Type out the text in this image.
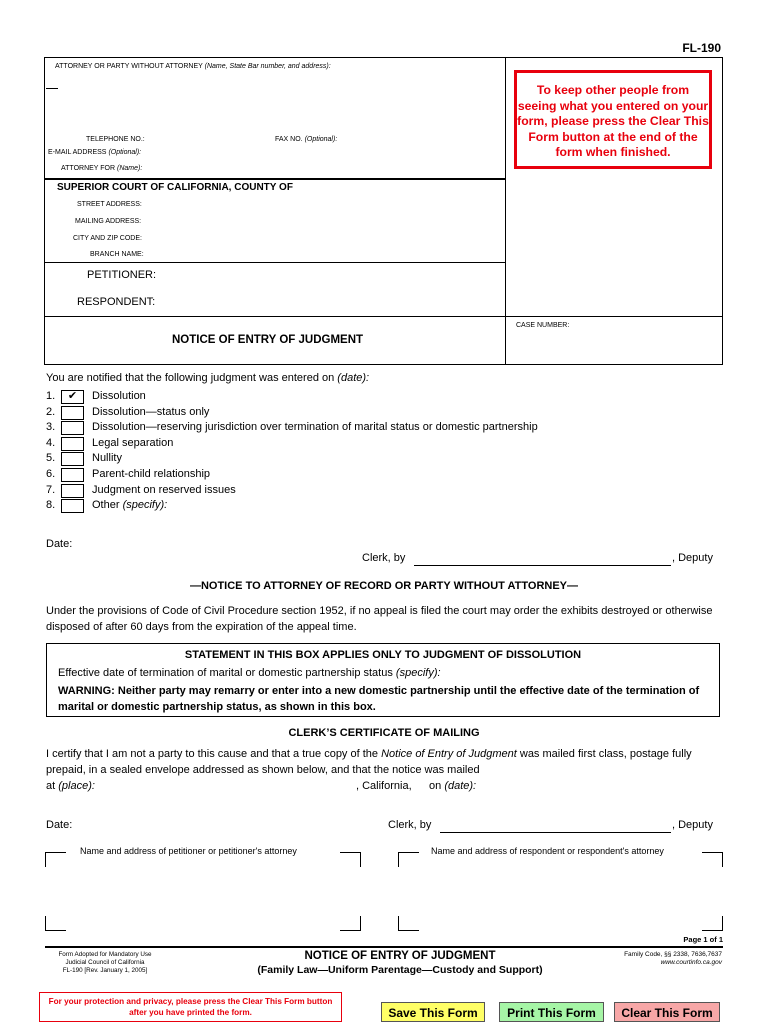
FL-190
ATTORNEY OR PARTY WITHOUT ATTORNEY (Name, State Bar number, and address):
TELEPHONE NO.:	FAX NO. (Optional):
E-MAIL ADDRESS (Optional):
ATTORNEY FOR (Name):
To keep other people from seeing what you entered on your form, please press the Clear This Form button at the end of the form when finished.
SUPERIOR COURT OF CALIFORNIA, COUNTY OF
STREET ADDRESS:
MAILING ADDRESS:
CITY AND ZIP CODE:
BRANCH NAME:
PETITIONER:
RESPONDENT:
NOTICE OF ENTRY OF JUDGMENT
CASE NUMBER:
You are notified that the following judgment was entered on (date):
1.	✔	Dissolution
2.	Dissolution—status only
3.	Dissolution—reserving jurisdiction over termination of marital status or domestic partnership
4.	Legal separation
5.	Nullity
6.	Parent-child relationship
7.	Judgment on reserved issues
8.	Other (specify):
Date:
Clerk, by	, Deputy
—NOTICE TO ATTORNEY OF RECORD OR PARTY WITHOUT ATTORNEY—
Under the provisions of Code of Civil Procedure section 1952, if no appeal is filed the court may order the exhibits destroyed or otherwise disposed of after 60 days from the expiration of the appeal time.
STATEMENT IN THIS BOX APPLIES ONLY TO JUDGMENT OF DISSOLUTION
Effective date of termination of marital or domestic partnership status (specify):
WARNING: Neither party may remarry or enter into a new domestic partnership until the effective date of the termination of marital or domestic partnership status, as shown in this box.
CLERK’S CERTIFICATE OF MAILING
I certify that I am not a party to this cause and that a true copy of the Notice of Entry of Judgment was mailed first class, postage fully prepaid, in a sealed envelope addressed as shown below, and that the notice was mailed
at (place):	, California, on (date):
Date:	Clerk, by	, Deputy
Name and address of petitioner or petitioner's attorney	Name and address of respondent or respondent's attorney
Page 1 of 1
Form Adopted for Mandatory Use
Judicial Council of California
FL-190 [Rev. January 1, 2005]
NOTICE OF ENTRY OF JUDGMENT
(Family Law—Uniform Parentage—Custody and Support)
Family Code, §§ 2338, 7636,7637
www.courtinfo.ca.gov
For your protection and privacy, please press the Clear This Form button after you have printed the form.	Save This Form	Print This Form	Clear This Form
